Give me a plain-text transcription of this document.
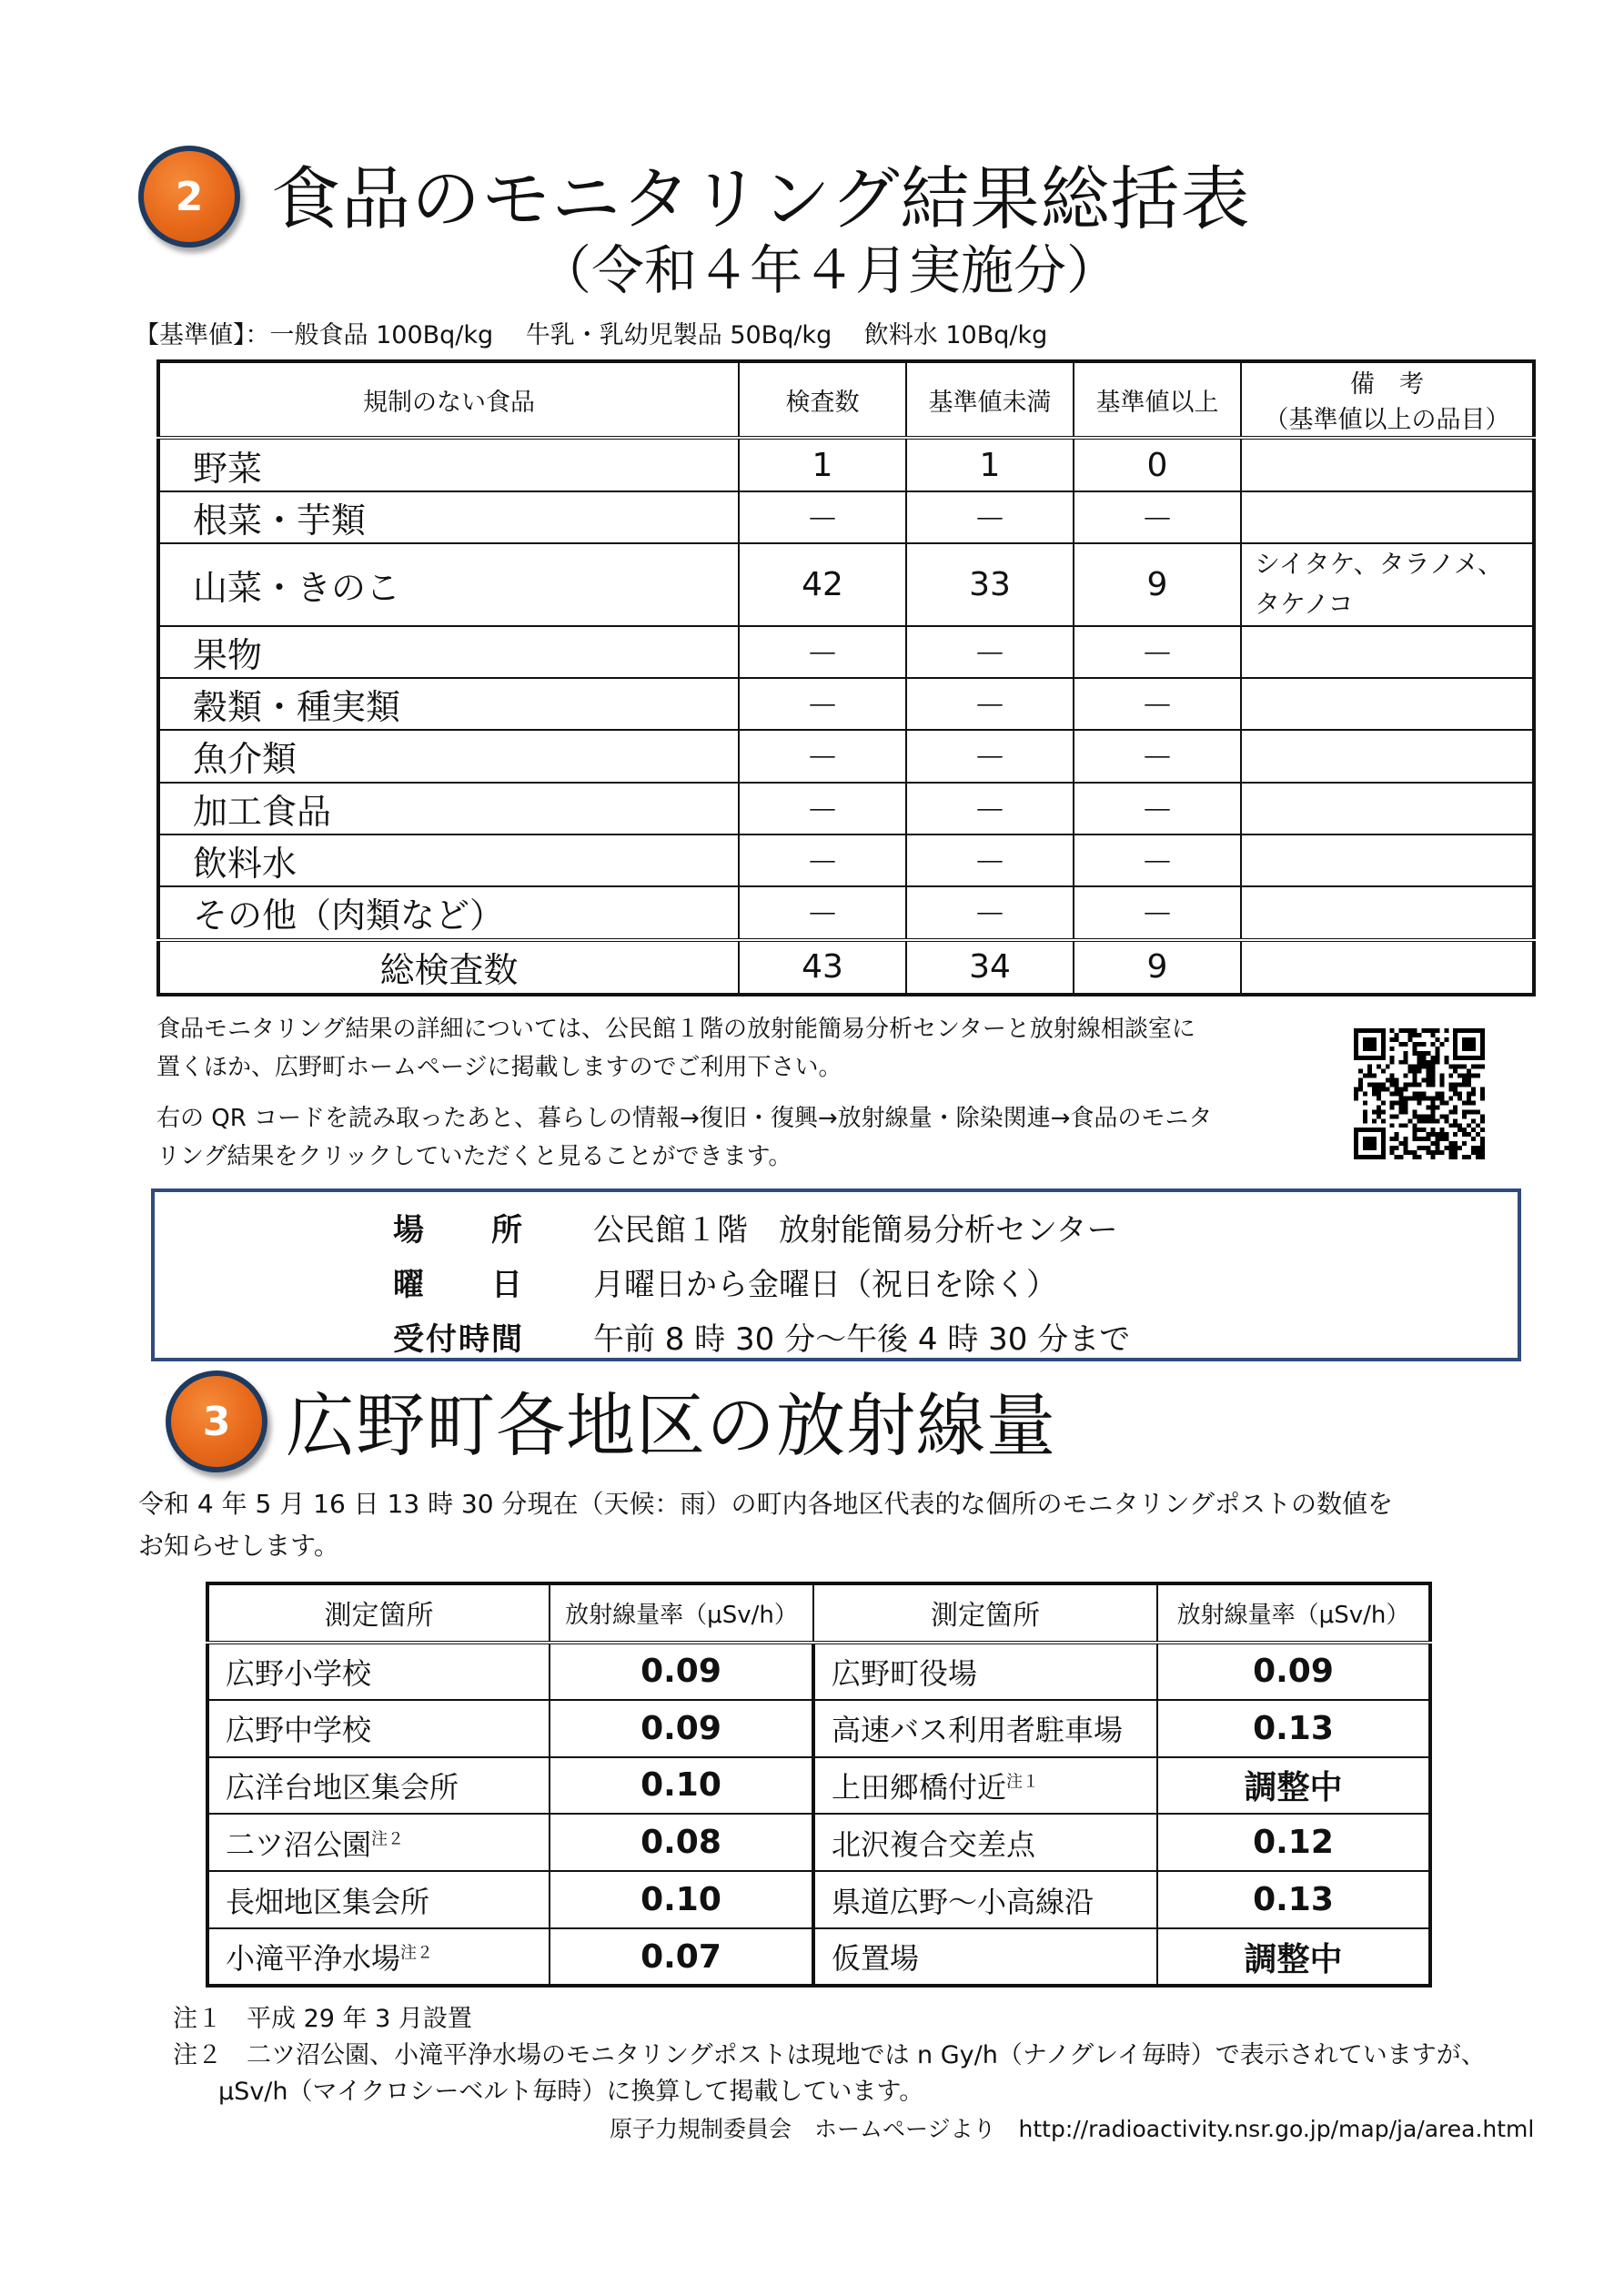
2 食品のモニタリング結果総括表
（令和４年４月実施分）
【基準値】：一般食品 100Bq/kg　 牛乳・乳幼児製品 50Bq/kg　 飲料水 10Bq/kg
規制のない食品	検査数	基準値未満	基準値以上	備　考
（基準値以上の品目）

野菜	1	1	0	
根菜・芋類	－	－	－	
山菜・きのこ	42	33	9	シイタケ、タラノメ、
タケノコ

果物	－	－	－	
穀類・種実類	－	－	－	
魚介類	－	－	－	
加工食品	－	－	－	
飲料水	－	－	－	
その他（肉類など）	－	－	－	
総検査数	43	34	9	
食品モニタリング結果の詳細については、公民館１階の放射能簡易分析センターと放射線相談室に
置くほか、広野町ホームページに掲載しますのでご利用下さい。
右の QR コードを読み取ったあと、暮らしの情報→復旧・復興→放射線量・除染関連→食品のモニタ
リング結果をクリックしていただくと見ることができます。
場　　所 公民館１階　放射能簡易分析センター
曜　　日 月曜日から金曜日（祝日を除く）
受付時間 午前 8 時 30 分～午後 4 時 30 分まで
3 広野町各地区の放射線量
令和 4 年 5 月 16 日 13 時 30 分現在（天候：雨）の町内各地区代表的な個所のモニタリングポストの数値を
お知らせします。
測定箇所	放射線量率（μSv/h）	測定箇所	放射線量率（μSv/h）
広野小学校	0.09	広野町役場	0.09
広野中学校	0.09	高速バス利用者駐車場	0.13
広洋台地区集会所	0.10	上田郷橋付近$^{注1}$	調整中
二ツ沼公園$^{注2}$	0.08	北沢複合交差点	0.12
長畑地区集会所	0.10	県道広野～小高線沿	0.13
小滝平浄水場$^{注2}$	0.07	仮置場	調整中
注１　平成 29 年 3 月設置
注２　二ツ沼公園、小滝平浄水場のモニタリングポストは現地では n Gy/h（ナノグレイ毎時）で表示されていますが、
μSv/h（マイクロシーベルト毎時）に換算して掲載しています。
原子力規制委員会　ホームページより　http://radioactivity.nsr.go.jp/map/ja/area.html
